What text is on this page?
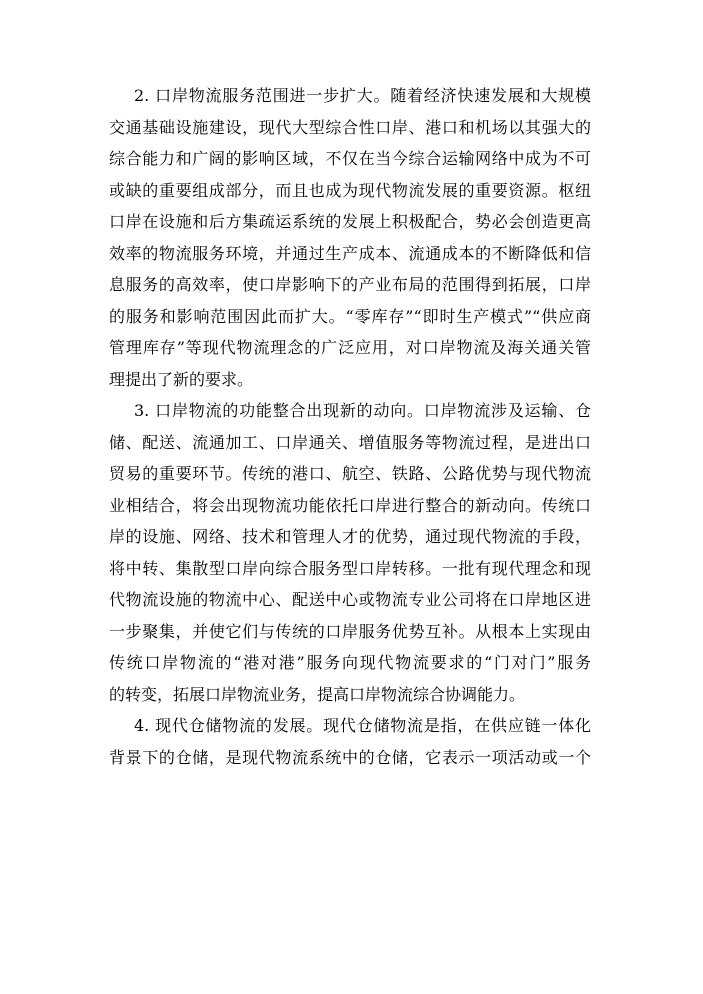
2. 口岸物流服务范围进一步扩大。随着经济快速发展和大规模
交通基础设施建设，现代大型综合性口岸、港口和机场以其强大的
综合能力和广阔的影响区域，不仅在当今综合运输网络中成为不可
或缺的重要组成部分，而且也成为现代物流发展的重要资源。枢纽
口岸在设施和后方集疏运系统的发展上积极配合，势必会创造更高
效率的物流服务环境，并通过生产成本、流通成本的不断降低和信
息服务的高效率，使口岸影响下的产业布局的范围得到拓展，口岸
的服务和影响范围因此而扩大。“零库存”“即时生产模式”“供应商
管理库存”等现代物流理念的广泛应用，对口岸物流及海关通关管
理提出了新的要求。
3. 口岸物流的功能整合出现新的动向。口岸物流涉及运输、仓
储、配送、流通加工、口岸通关、增值服务等物流过程，是进出口
贸易的重要环节。传统的港口、航空、铁路、公路优势与现代物流
业相结合，将会出现物流功能依托口岸进行整合的新动向。传统口
岸的设施、网络、技术和管理人才的优势，通过现代物流的手段，
将中转、集散型口岸向综合服务型口岸转移。一批有现代理念和现
代物流设施的物流中心、配送中心或物流专业公司将在口岸地区进
一步聚集，并使它们与传统的口岸服务优势互补。从根本上实现由
传统口岸物流的“港对港”服务向现代物流要求的“门对门”服务
的转变，拓展口岸物流业务，提高口岸物流综合协调能力。
4. 现代仓储物流的发展。现代仓储物流是指，在供应链一体化
背景下的仓储，是现代物流系统中的仓储，它表示一项活动或一个
